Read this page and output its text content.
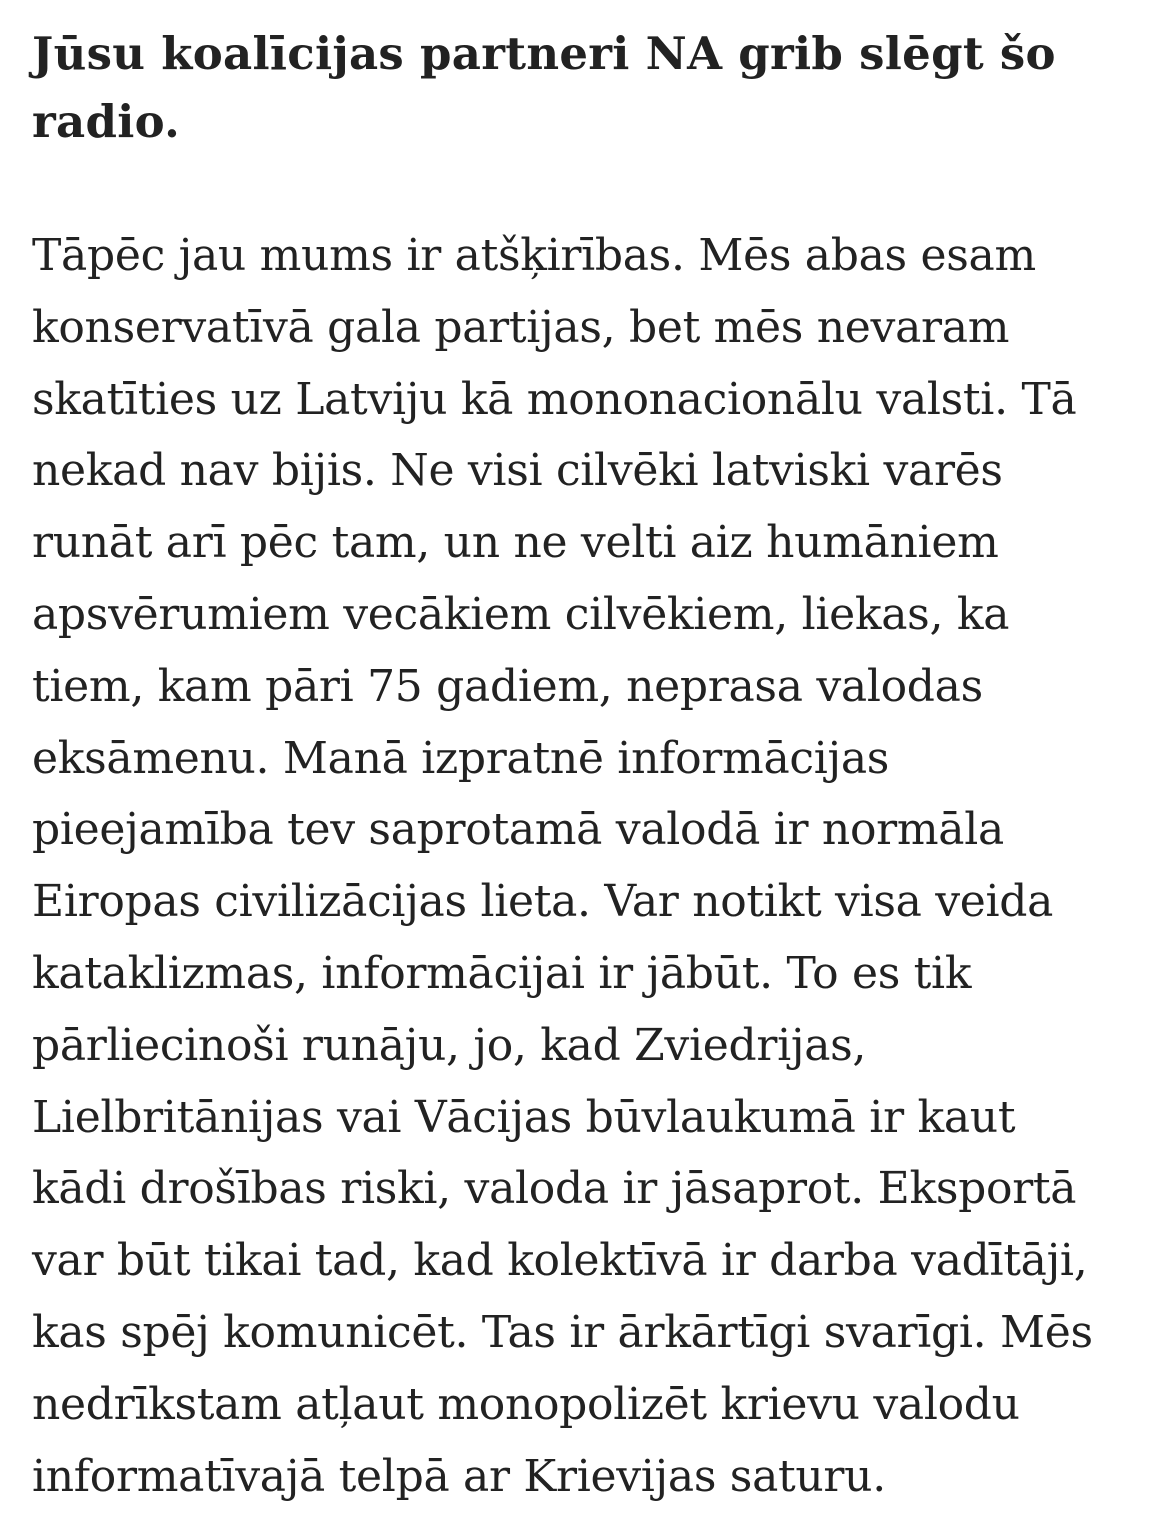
Jūsu koalīcijas partneri NA grib slēgt šo
radio.

Tāpēc jau mums ir atšķirības. Mēs abas esam
konservatīvā gala partijas, bet mēs nevaram
skatīties uz Latviju kā mononacionālu valsti. Tā
nekad nav bijis. Ne visi cilvēki latviski varēs
runāt arī pēc tam, un ne velti aiz humāniem
apsvērumiem vecākiem cilvēkiem, liekas, ka
tiem, kam pāri 75 gadiem, neprasa valodas
eksāmenu. Manā izpratnē informācijas
pieejamība tev saprotamā valodā ir normāla
Eiropas civilizācijas lieta. Var notikt visa veida
kataklizmas, informācijai ir jābūt. To es tik
pārliecinoši runāju, jo, kad Zviedrijas,
Lielbritānijas vai Vācijas būvlaukumā ir kaut
kādi drošības riski, valoda ir jāsaprot. Eksportā
var būt tikai tad, kad kolektīvā ir darba vadītāji,
kas spēj komunicēt. Tas ir ārkārtīgi svarīgi. Mēs
nedrīkstam atļaut monopolizēt krievu valodu
informatīvajā telpā ar Krievijas saturu.
